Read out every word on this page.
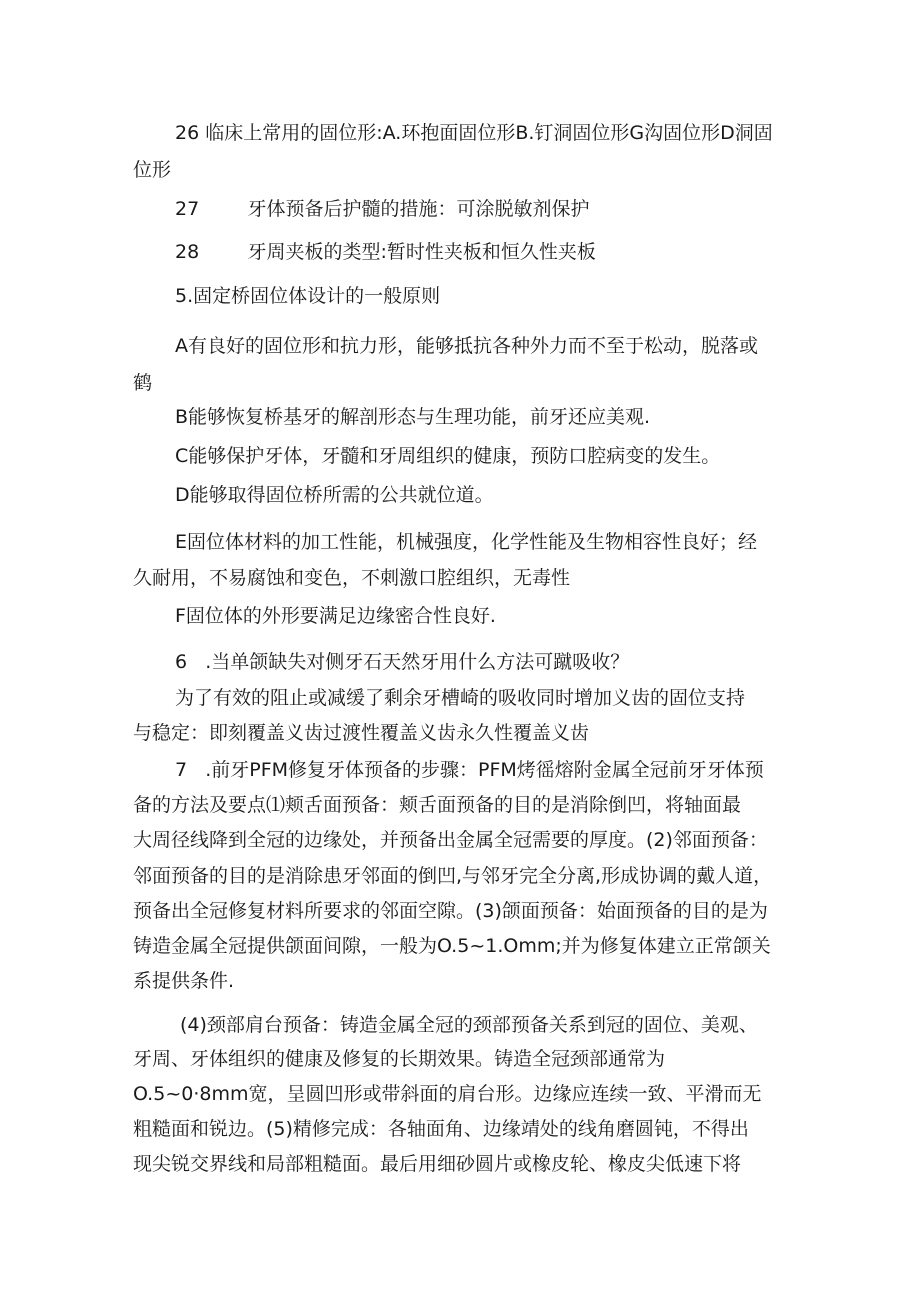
26 临床上常用的固位形:A.环抱面固位形B.钉洞固位形G沟固位形D洞固
位形
27        牙体预备后护髓的措施：可涂脱敏剂保护
28        牙周夹板的类型:暂时性夹板和恒久性夹板
5.固定桥固位体设计的一般原则
A有良好的固位形和抗力形，能够抵抗各种外力而不至于松动，脱落或
鹤
B能够恢复桥基牙的解剖形态与生理功能，前牙还应美观.
C能够保护牙体，牙髓和牙周组织的健康，预防口腔病变的发生。
D能够取得固位桥所需的公共就位道。
E固位体材料的加工性能，机械强度，化学性能及生物相容性良好；经
久耐用，不易腐蚀和变色，不刺激口腔组织，无毒性
F固位体的外形要满足边缘密合性良好.
6   .当单颌缺失对侧牙石天然牙用什么方法可蹴吸收？
为了有效的阻止或减缓了剩余牙槽崎的吸收同时增加义齿的固位支持
与稳定：即刻覆盖义齿过渡性覆盖义齿永久性覆盖义齿
7   .前牙PFM修复牙体预备的步骤：PFM烤徭熔附金属全冠前牙牙体预
备的方法及要点⑴颊舌面预备：颊舌面预备的目的是消除倒凹，将轴面最
大周径线降到全冠的边缘处，并预备出金属全冠需要的厚度。(2)邻面预备：
邻面预备的目的是消除患牙邻面的倒凹,与邻牙完全分离,形成协调的戴人道，
预备出全冠修复材料所要求的邻面空隙。(3)颌面预备：始面预备的目的是为
铸造金属全冠提供颌面间隙，一般为O.5~1.Omm;并为修复体建立正常颌关
系提供条件.
(4)颈部肩台预备：铸造金属全冠的颈部预备关系到冠的固位、美观、
牙周、牙体组织的健康及修复的长期效果。铸造全冠颈部通常为
O.5~0·8mm宽，呈圆凹形或带斜面的肩台形。边缘应连续一致、平滑而无
粗糙面和锐边。(5)精修完成：各轴面角、边缘靖处的线角磨圆钝，不得出
现尖锐交界线和局部粗糙面。最后用细砂圆片或橡皮轮、橡皮尖低速下将
